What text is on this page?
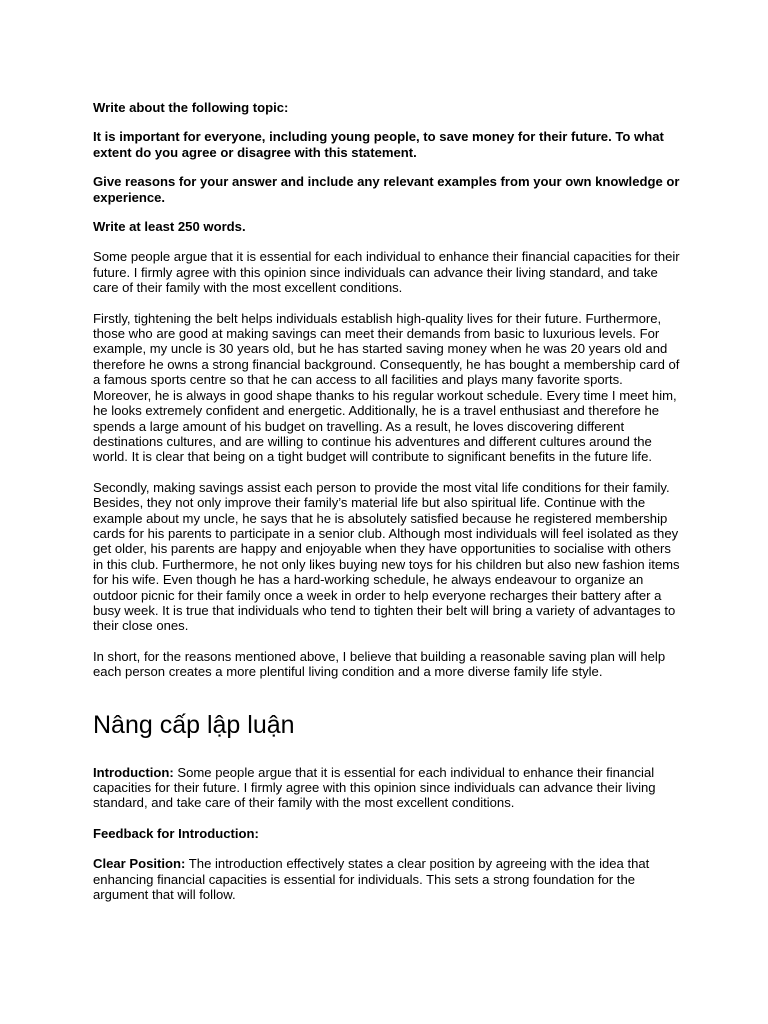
Write about the following topic:

It is important for everyone, including young people, to save money for their future. To what extent do you agree or disagree with this statement.

Give reasons for your answer and include any relevant examples from your own knowledge or experience.

Write at least 250 words.

Some people argue that it is essential for each individual to enhance their financial capacities for their future. I firmly agree with this opinion since individuals can advance their living standard, and take care of their family with the most excellent conditions.

Firstly, tightening the belt helps individuals establish high-quality lives for their future. Furthermore, those who are good at making savings can meet their demands from basic to luxurious levels. For example, my uncle is 30 years old, but he has started saving money when he was 20 years old and therefore he owns a strong financial background. Consequently, he has bought a membership card of a famous sports centre so that he can access to all facilities and plays many favorite sports. Moreover, he is always in good shape thanks to his regular workout schedule. Every time I meet him, he looks extremely confident and energetic. Additionally, he is a travel enthusiast and therefore he spends a large amount of his budget on travelling. As a result, he loves discovering different destinations cultures, and are willing to continue his adventures and different cultures around the world. It is clear that being on a tight budget will contribute to significant benefits in the future life.

Secondly, making savings assist each person to provide the most vital life conditions for their family. Besides, they not only improve their family’s material life but also spiritual life. Continue with the example about my uncle, he says that he is absolutely satisfied because he registered membership cards for his parents to participate in a senior club. Although most individuals will feel isolated as they get older, his parents are happy and enjoyable when they have opportunities to socialise with others in this club. Furthermore, he not only likes buying new toys for his children but also new fashion items for his wife. Even though he has a hard-working schedule, he always endeavour to organize an outdoor picnic for their family once a week in order to help everyone recharges their battery after a busy week. It is true that individuals who tend to tighten their belt will bring a variety of advantages to their close ones.

In short, for the reasons mentioned above, I believe that building a reasonable saving plan will help each person creates a more plentiful living condition and a more diverse family life style.

Nâng cấp lập luận

Introduction: Some people argue that it is essential for each individual to enhance their financial capacities for their future. I firmly agree with this opinion since individuals can advance their living standard, and take care of their family with the most excellent conditions.

Feedback for Introduction:

Clear Position: The introduction effectively states a clear position by agreeing with the idea that enhancing financial capacities is essential for individuals. This sets a strong foundation for the argument that will follow.
